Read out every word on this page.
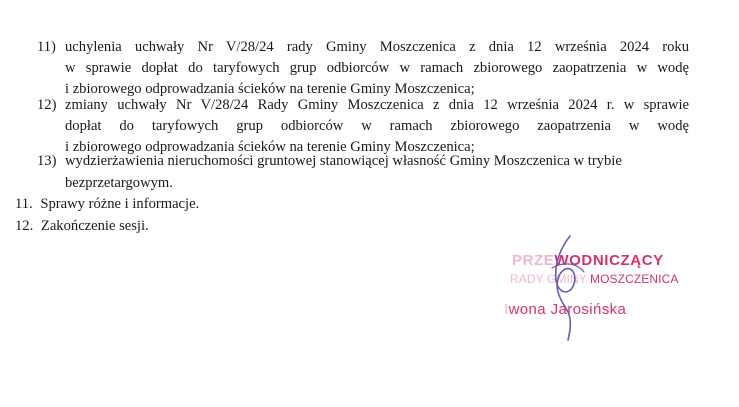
11) uchylenia uchwały Nr V/28/24 rady Gminy Moszczenica z dnia 12 września 2024 roku
w sprawie dopłat do taryfowych grup odbiorców w ramach zbiorowego zaopatrzenia w wodę
i zbiorowego odprowadzania ścieków na terenie Gminy Moszczenica;
12) zmiany uchwały Nr V/28/24 Rady Gminy Moszczenica z dnia 12 września 2024 r. w sprawie
dopłat do taryfowych grup odbiorców w ramach zbiorowego zaopatrzenia w wodę
i zbiorowego odprowadzania ścieków na terenie Gminy Moszczenica;
13) wydzierżawienia nieruchomości gruntowej stanowiącej własność Gminy Moszczenica w trybie
bezprzetargowym.
11. Sprawy różne i informacje.
12. Zakończenie sesji.
PRZEWODNICZĄCY
RADY GMINY MOSZCZENICA
Iwona Jarosińska
